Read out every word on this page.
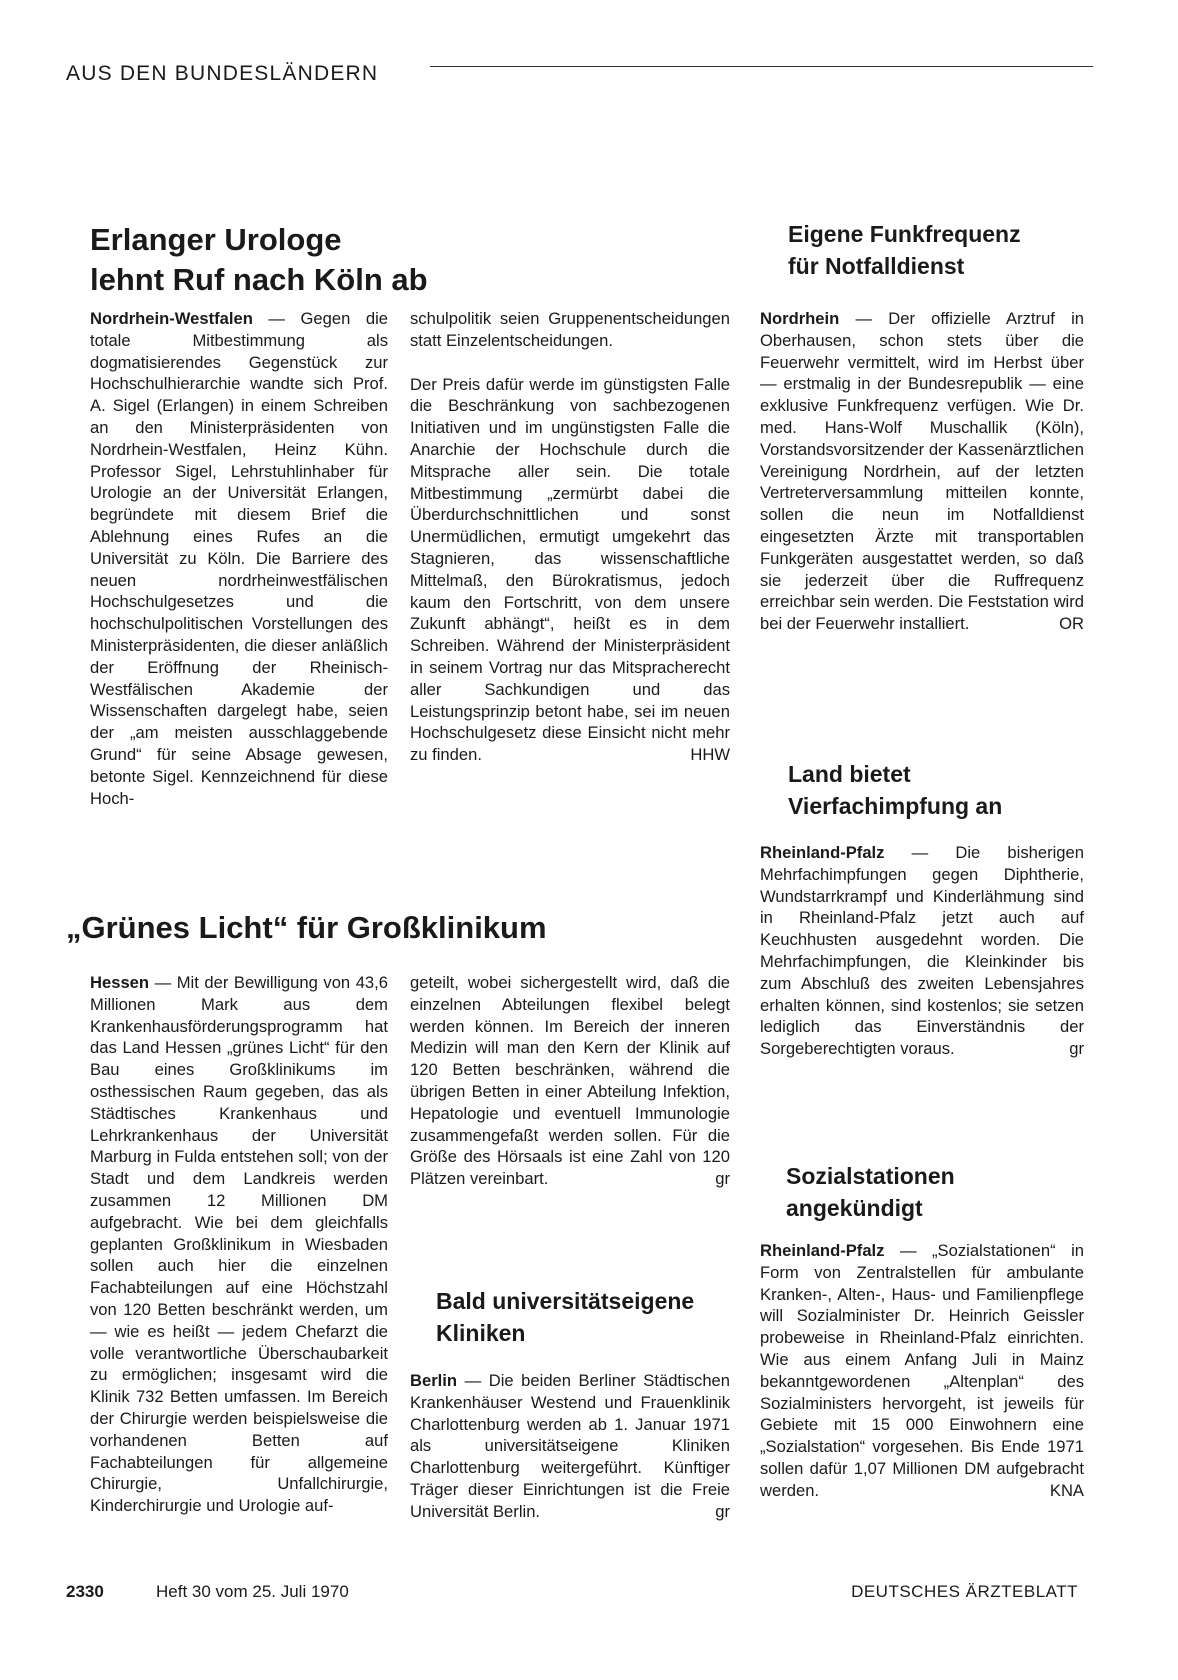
AUS DEN BUNDESLÄNDERN
Erlanger Urologe
lehnt Ruf nach Köln ab
Nordrhein-Westfalen — Gegen die totale Mitbestimmung als dogmatisierendes Gegenstück zur Hochschulhierarchie wandte sich Prof. A. Sigel (Erlangen) in einem Schreiben an den Ministerpräsidenten von Nordrhein-Westfalen, Heinz Kühn. Professor Sigel, Lehrstuhlinhaber für Urologie an der Universität Erlangen, begründete mit diesem Brief die Ablehnung eines Rufes an die Universität zu Köln. Die Barriere des neuen nordrheinwestfälischen Hochschulgesetzes und die hochschulpolitischen Vorstellungen des Ministerpräsidenten, die dieser anläßlich der Eröffnung der Rheinisch-Westfälischen Akademie der Wissenschaften dargelegt habe, seien der „am meisten ausschlaggebende Grund“ für seine Absage gewesen, betonte Sigel. Kennzeichnend für diese Hoch-

schulpolitik seien Gruppenentscheidungen statt Einzelentscheidungen.

Der Preis dafür werde im günstigsten Falle die Beschränkung von sachbezogenen Initiativen und im ungünstigsten Falle die Anarchie der Hochschule durch die Mitsprache aller sein. Die totale Mitbestimmung „zermürbt dabei die Überdurchschnittlichen und sonst Unermüdlichen, ermutigt umgekehrt das Stagnieren, das wissenschaftliche Mittelmaß, den Bürokratismus, jedoch kaum den Fortschritt, von dem unsere Zukunft abhängt“, heißt es in dem Schreiben. Während der Ministerpräsident in seinem Vortrag nur das Mitspracherecht aller Sachkundigen und das Leistungsprinzip betont habe, sei im neuen Hochschulgesetz diese Einsicht nicht mehr zu finden.	HHW

„Grünes Licht“ für Großklinikum
Hessen — Mit der Bewilligung von 43,6 Millionen Mark aus dem Krankenhausförderungsprogramm hat das Land Hessen „grünes Licht“ für den Bau eines Großklinikums im osthessischen Raum gegeben, das als Städtisches Krankenhaus und Lehrkrankenhaus der Universität Marburg in Fulda entstehen soll; von der Stadt und dem Landkreis werden zusammen 12 Millionen DM aufgebracht. Wie bei dem gleichfalls geplanten Großklinikum in Wiesbaden sollen auch hier die einzelnen Fachabteilungen auf eine Höchstzahl von 120 Betten beschränkt werden, um — wie es heißt — jedem Chefarzt die volle verantwortliche Überschaubarkeit zu ermöglichen; insgesamt wird die Klinik 732 Betten umfassen. Im Bereich der Chirurgie werden beispielsweise die vorhandenen Betten auf Fachabteilungen für allgemeine Chirurgie, Unfallchirurgie, Kinderchirurgie und Urologie auf-
geteilt, wobei sichergestellt wird, daß die einzelnen Abteilungen flexibel belegt werden können. Im Bereich der inneren Medizin will man den Kern der Klinik auf 120 Betten beschränken, während die übrigen Betten in einer Abteilung Infektion, Hepatologie und eventuell Immunologie zusammengefaßt werden sollen. Für die Größe des Hörsaals ist eine Zahl von 120 Plätzen vereinbart.	gr
Bald universitätseigene
Kliniken
Berlin — Die beiden Berliner Städtischen Krankenhäuser Westend und Frauenklinik Charlottenburg werden ab 1. Januar 1971 als universitätseigene Kliniken Charlottenburg weitergeführt. Künftiger Träger dieser Einrichtungen ist die Freie Universität Berlin.	gr
Eigene Funkfrequenz
für Notfalldienst
Nordrhein — Der offizielle Arztruf in Oberhausen, schon stets über die Feuerwehr vermittelt, wird im Herbst über — erstmalig in der Bundesrepublik — eine exklusive Funkfrequenz verfügen. Wie Dr. med. Hans-Wolf Muschallik (Köln), Vorstandsvorsitzender der Kassenärztlichen Vereinigung Nordrhein, auf der letzten Vertreterversammlung mitteilen konnte, sollen die neun im Notfalldienst eingesetzten Ärzte mit transportablen Funkgeräten ausgestattet werden, so daß sie jederzeit über die Ruffrequenz erreichbar sein werden. Die Feststation wird bei der Feuerwehr installiert.	OR
Land bietet
Vierfachimpfung an
Rheinland-Pfalz — Die bisherigen Mehrfachimpfungen gegen Diphtherie, Wundstarrkrampf und Kinderlähmung sind in Rheinland-Pfalz jetzt auch auf Keuchhusten ausgedehnt worden. Die Mehrfachimpfungen, die Kleinkinder bis zum Abschluß des zweiten Lebensjahres erhalten können, sind kostenlos; sie setzen lediglich das Einverständnis der Sorgeberechtigten voraus.	gr
Sozialstationen
angekündigt
Rheinland-Pfalz — „Sozialstationen“ in Form von Zentralstellen für ambulante Kranken-, Alten-, Haus- und Familienpflege will Sozialminister Dr. Heinrich Geissler probeweise in Rheinland-Pfalz einrichten. Wie aus einem Anfang Juli in Mainz bekanntgewordenen „Altenplan“ des Sozialministers hervorgeht, ist jeweils für Gebiete mit 15 000 Einwohnern eine „Sozialstation“ vorgesehen. Bis Ende 1971 sollen dafür 1,07 Millionen DM aufgebracht werden.	KNA
2330	Heft 30 vom 25. Juli 1970	DEUTSCHES ÄRZTEBLATT
